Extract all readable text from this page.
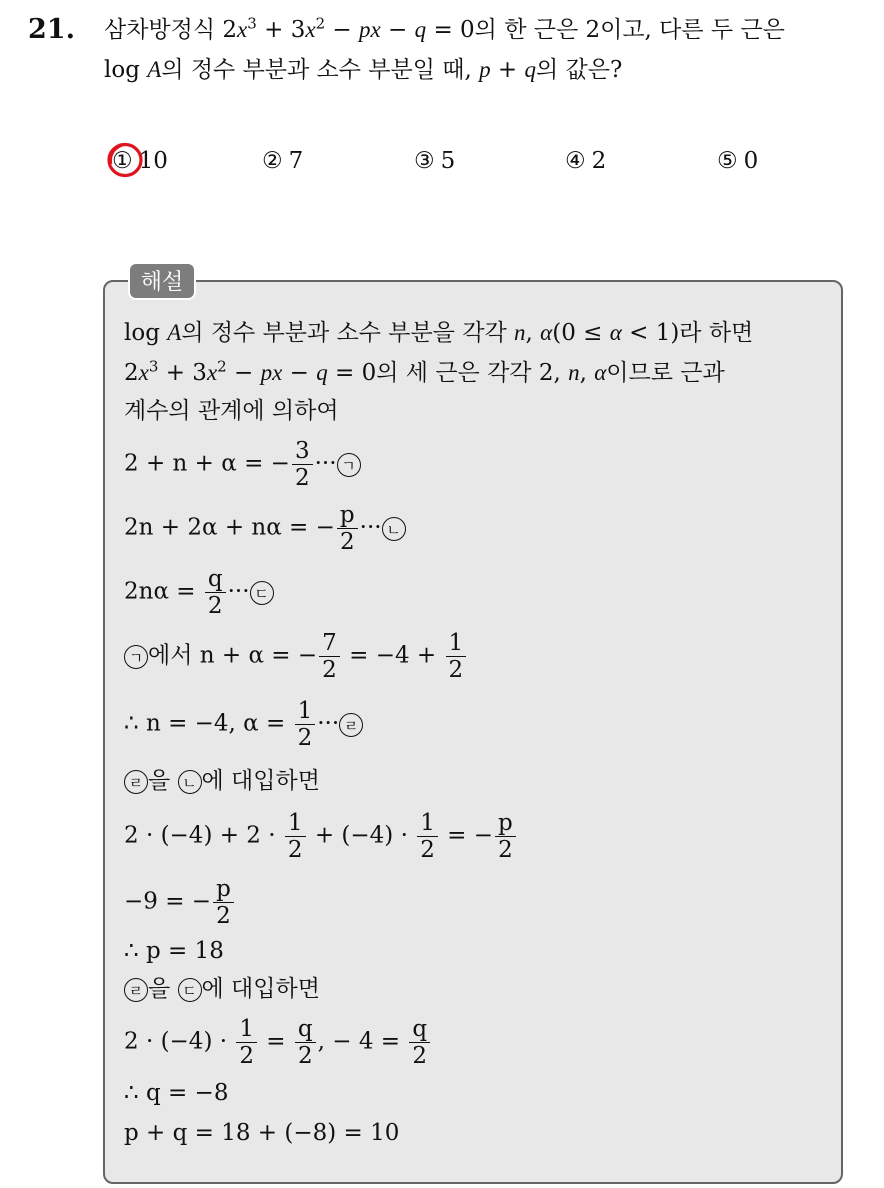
21. 삼차방정식 $2x^3 + 3x^2$ − px − q = 0의 한 근은 2이고, 다른 두 근은
log A의 정수 부분과 소수 부분일 때, p + q의 값은?
① 10	② 7	③ 5	④ 2	⑤ 0
해설
log A의 정수 부분과 소수 부분을 각각 n, α(0 ≤ α < 1)라 하면
$2x^3 + 3x^2$ − px − q = 0의 세 근은 각각 2, n, α이므로 근과
계수의 관계에 의하여
2 + n + α = − $\frac{3}{2}$ ··· ㄱ
2n + 2α + nα = − $\frac{p}{2}$ ··· ㄴ
$2n\alpha = \frac{q}{2}$ ··· ㄷ
ㄱ 에서 n + α = − $\frac{7}{2} = -4 + \frac{1}{2}$
∴ n = −4, $\alpha = \frac{1}{2}$ ··· ㄹ
ㄹ 을 ㄴ 에 대입하면
$2 \cdot (-4) + 2 \cdot \frac{1}{2} + (-4) \cdot \frac{1}{2}$ = − $\frac{p}{2}$
−9 = − $\frac{p}{2}$
∴ p = 18
ㄹ 을 ㄷ 에 대입하면
$2 \cdot (-4) \cdot \frac{1}{2} = \frac{q}{2}$ , − $4 = \frac{q}{2}$
∴ q = −8
p + q = 18 + (−8) = 10
